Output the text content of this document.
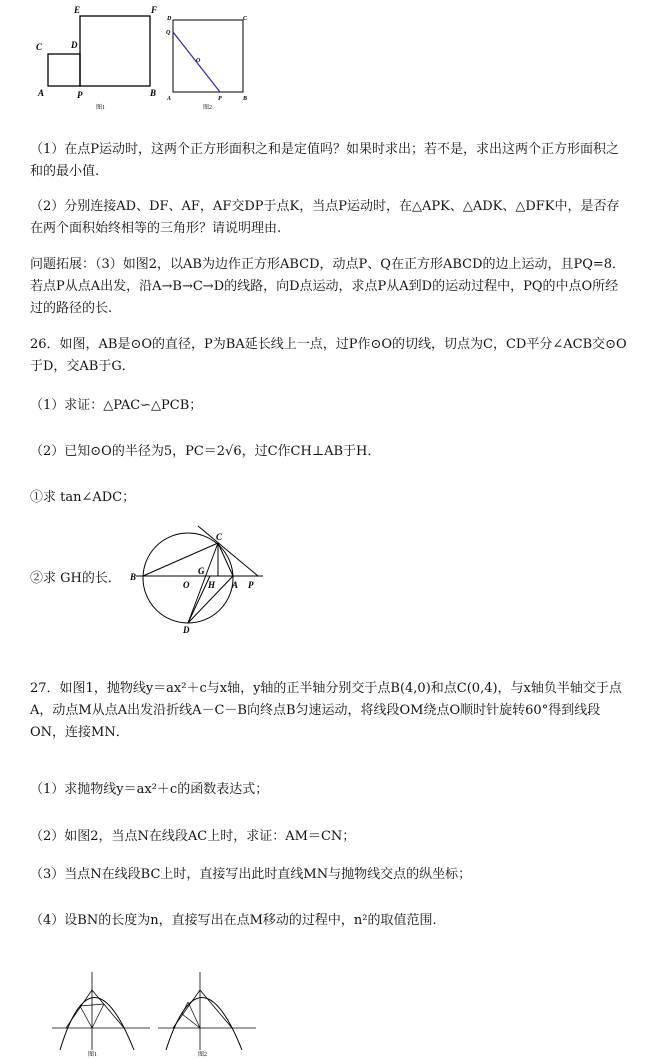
E	F
C	D
A	P	B
图1
D	C
Q
O
A	P	B
图2
（1）在点P运动时，这两个正方形面积之和是定值吗？如果时求出；若不是，求出这两个正方形面积之和的最小值.
（2）分别连接AD、DF、AF，AF交DP于点K，当点P运动时，在△APK、△ADK、△DFK中，是否存在两个面积始终相等的三角形？请说明理由.
问题拓展：（3）如图2，以AB为边作正方形ABCD，动点P、Q在正方形ABCD的边上运动，且PQ=8．若点P从点A出发，沿A→B→C→D的线路，向D点运动，求点P从A到D的运动过程中，PQ的中点O所经过的路径的长.
26．如图，AB是⊙O的直径，P为BA延长线上一点，过P作⊙O的切线，切点为C，CD平分∠ACB交⊙O于D，交AB于G．
（1）求证：△PAC∽△PCB；
（2）已知⊙O的半径为5，PC＝2√6，过C作CH⊥AB于H．
①求 tan∠ADC；
②求 GH的长．
C
B
G
O H A P
D
27．如图1，抛物线y＝ax²＋c与x轴，y轴的正半轴分别交于点B(4,0)和点C(0,4)，与x轴负半轴交于点A，动点M从点A出发沿折线A－C－B向终点B匀速运动，将线段OM绕点O顺时针旋转60°得到线段ON，连接MN．
（1）求抛物线y＝ax²＋c的函数表达式；
（2）如图2，当点N在线段AC上时，求证：AM＝CN；
（3）当点N在线段BC上时，直接写出此时直线MN与抛物线交点的纵坐标；
（4）设BN的长度为n，直接写出在点M移动的过程中，n²的取值范围.
图1	图2
